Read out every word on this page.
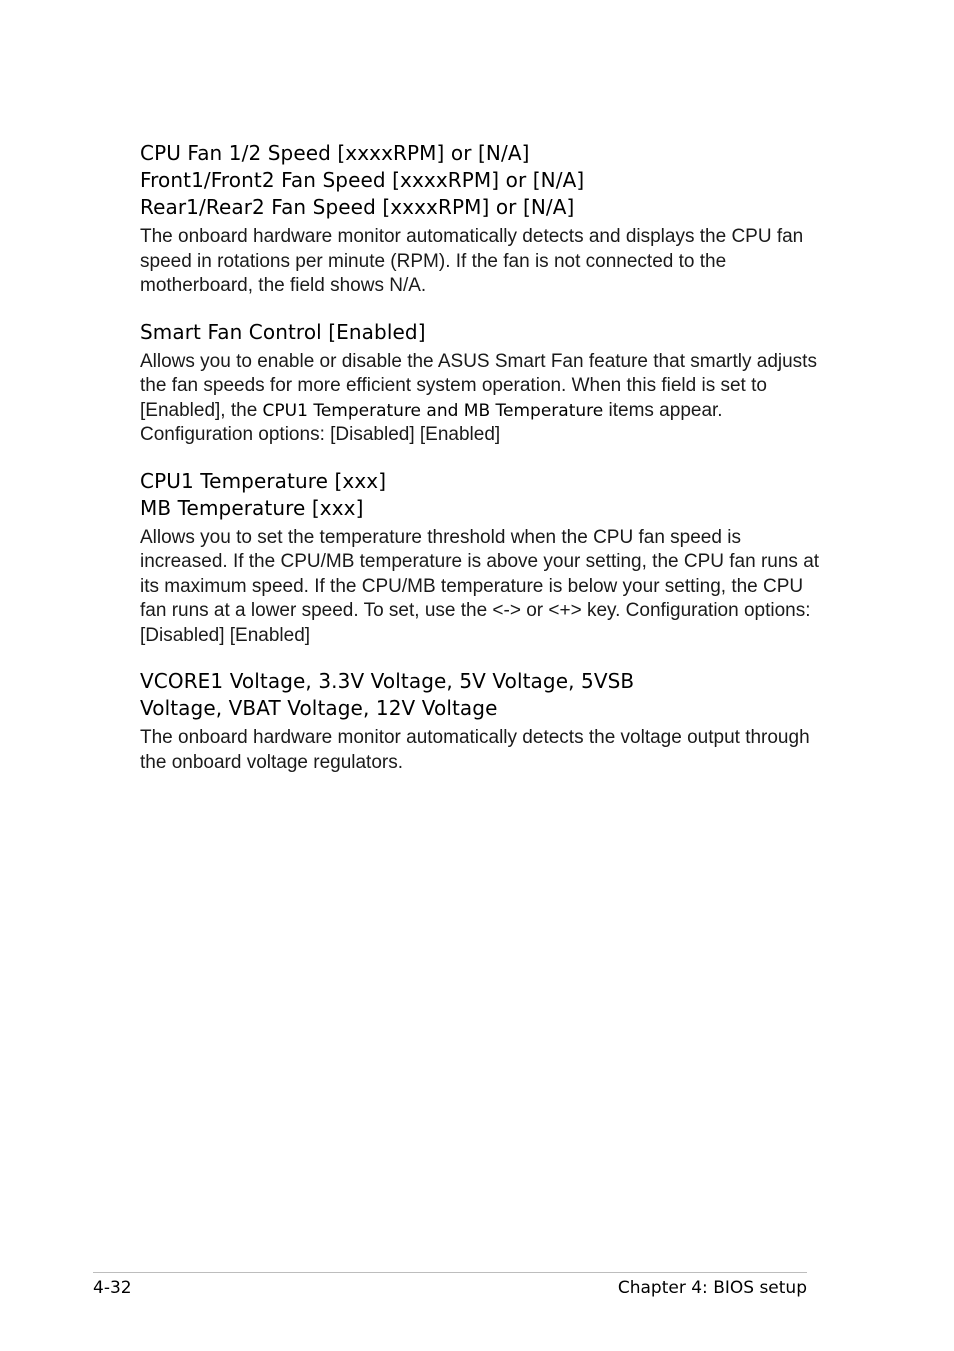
CPU Fan 1/2 Speed [xxxxRPM] or [N/A]
Front1/Front2 Fan Speed [xxxxRPM] or [N/A]
Rear1/Rear2 Fan Speed [xxxxRPM] or [N/A]

The onboard hardware monitor automatically detects and displays the CPU fan speed in rotations per minute (RPM). If the fan is not connected to the motherboard, the field shows N/A.

Smart Fan Control [Enabled]

Allows you to enable or disable the ASUS Smart Fan feature that smartly adjusts the fan speeds for more efficient system operation. When this field is set to [Enabled], the CPU1 Temperature and MB Temperature items appear. Configuration options: [Disabled] [Enabled]

CPU1 Temperature [xxx]
MB Temperature [xxx]

Allows you to set the temperature threshold when the CPU fan speed is increased. If the CPU/MB temperature is above your setting, the CPU fan runs at its maximum speed. If the CPU/MB temperature is below your setting, the CPU fan runs at a lower speed. To set, use the <-> or <+> key. Configuration options: [Disabled] [Enabled]

VCORE1 Voltage, 3.3V Voltage, 5V Voltage, 5VSB
Voltage, VBAT Voltage, 12V Voltage

The onboard hardware monitor automatically detects the voltage output through the onboard voltage regulators.

4-32	Chapter 4: BIOS setup
